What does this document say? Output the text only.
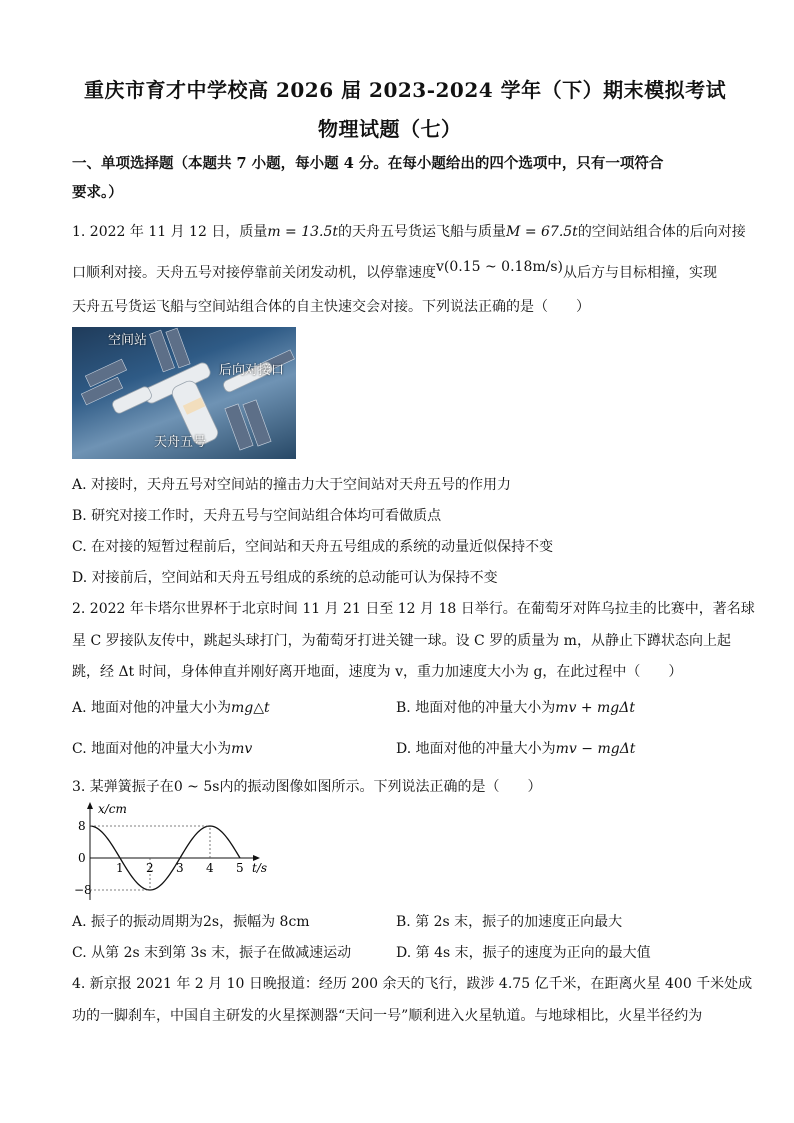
重庆市育才中学校高 2026 届 2023-2024 学年（下）期末模拟考试
物理试题（七）
一、单项选择题（本题共 7 小题，每小题 4 分。在每小题给出的四个选项中，只有一项符合
要求。）
1. 2022 年 11 月 12 日，质量m = 13.5t的天舟五号货运飞船与质量M = 67.5t的空间站组合体的后向对接
口顺利对接。天舟五号对接停靠前关闭发动机，以停靠速度v(0.15 ~ 0.18m/s)从后方与目标相撞，实现
天舟五号货运飞船与空间站组合体的自主快速交会对接。下列说法正确的是（　　）
空间站
后向对接口
天舟五号
A. 对接时，天舟五号对空间站的撞击力大于空间站对天舟五号的作用力
B. 研究对接工作时，天舟五号与空间站组合体均可看做质点
C. 在对接的短暂过程前后，空间站和天舟五号组成的系统的动量近似保持不变
D. 对接前后，空间站和天舟五号组成的系统的总动能可认为保持不变
2. 2022 年卡塔尔世界杯于北京时间 11 月 21 日至 12 月 18 日举行。在葡萄牙对阵乌拉圭的比赛中，著名球
星 C 罗接队友传中，跳起头球打门，为葡萄牙打进关键一球。设 C 罗的质量为 m，从静止下蹲状态向上起
跳，经 Δt 时间，身体伸直并刚好离开地面，速度为 v，重力加速度大小为 g，在此过程中（　　）
A. 地面对他的冲量大小为mg△t	B. 地面对他的冲量大小为mv + mgΔt
C. 地面对他的冲量大小为mv	D. 地面对他的冲量大小为mv − mgΔt
3. 某弹簧振子在0 ~ 5s内的振动图像如图所示。下列说法正确的是（　　）
1 2 3 4 5
8
0
−8
x/cm
t/s
A. 振子的振动周期为2s，振幅为 8cm	B. 第 2s 末，振子的加速度正向最大
C. 从第 2s 末到第 3s 末，振子在做减速运动	D. 第 4s 末，振子的速度为正向的最大值
4. 新京报 2021 年 2 月 10 日晚报道：经历 200 余天的飞行，跋涉 4.75 亿千米，在距离火星 400 千米处成
功的一脚刹车，中国自主研发的火星探测器“天问一号”顺利进入火星轨道。与地球相比，火星半径约为
